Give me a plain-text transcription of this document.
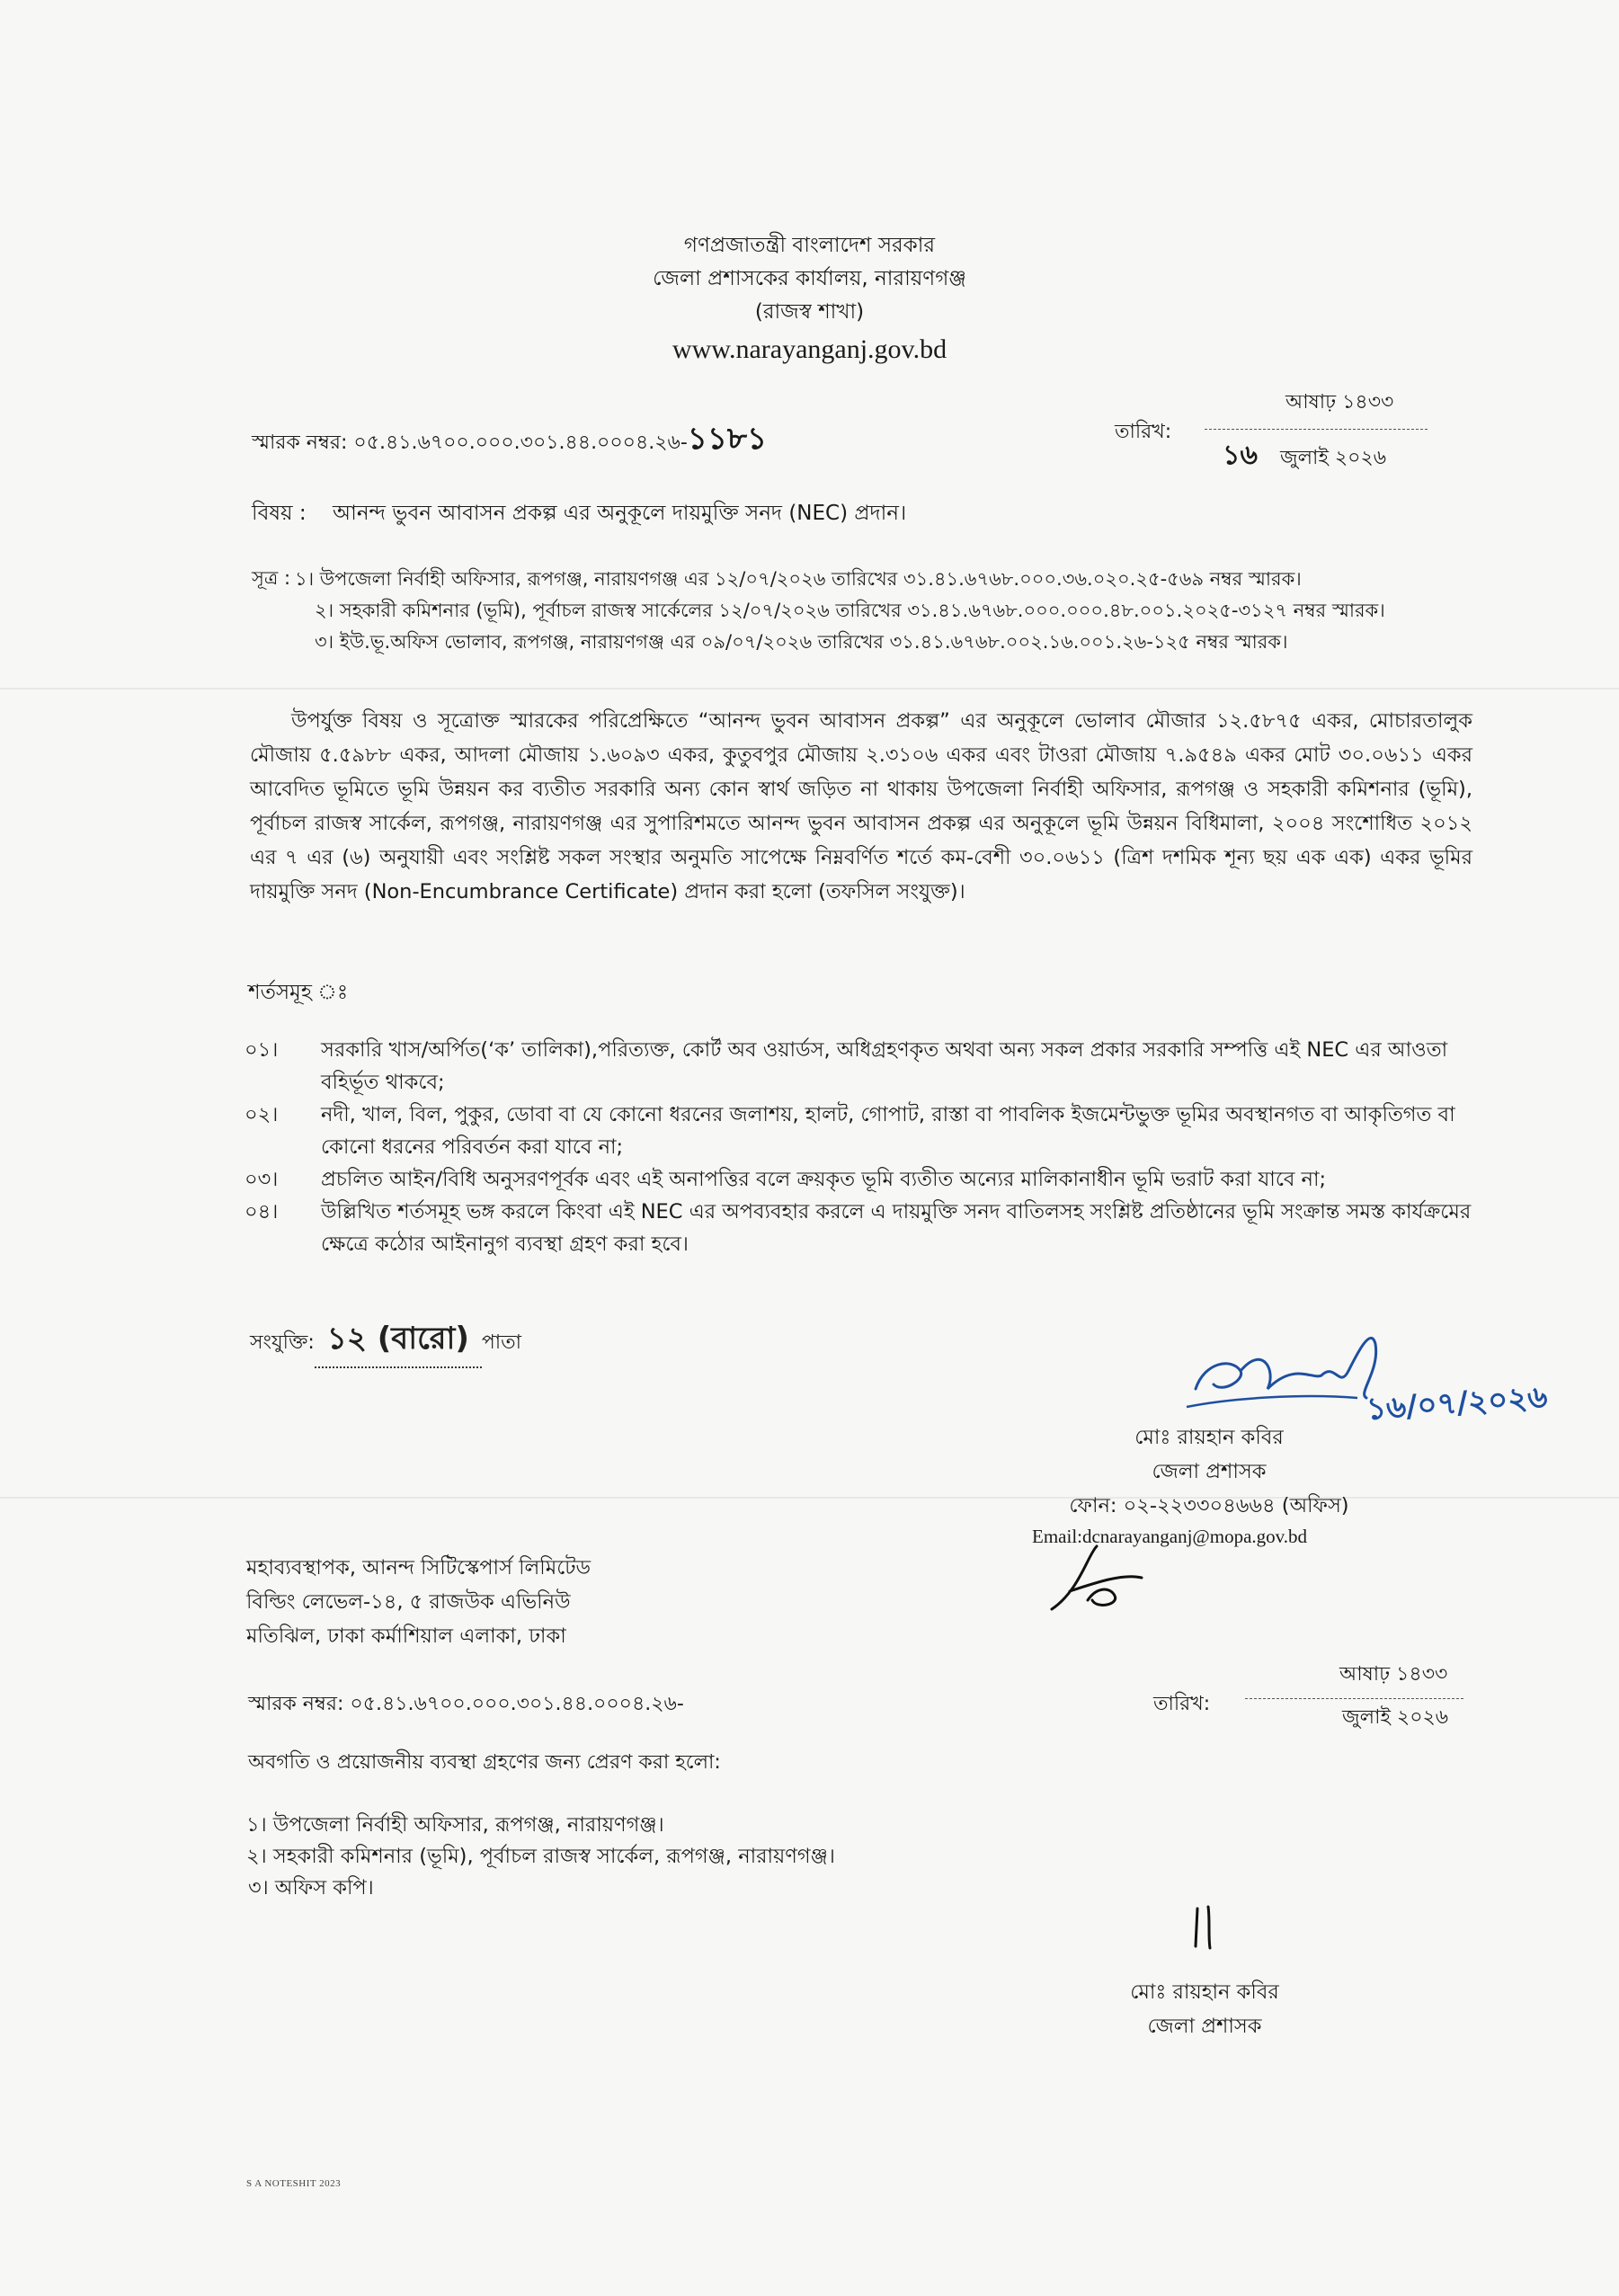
গণপ্রজাতন্ত্রী বাংলাদেশ সরকার
জেলা প্রশাসকের কার্যালয়, নারায়ণগঞ্জ
(রাজস্ব শাখা)
www.narayanganj.gov.bd
স্মারক নম্বর: ০৫.৪১.৬৭০০.০০০.৩০১.৪৪.০০০৪.২৬-১১৮১	তারিখ:
আষাঢ় ১৪৩৩
১৬ জুলাই ২০২৬
বিষয় : আনন্দ ভুবন আবাসন প্রকল্প এর অনুকূলে দায়মুক্তি সনদ (NEC) প্রদান।
সূত্র : ১। উপজেলা নির্বাহী অফিসার, রূপগঞ্জ, নারায়ণগঞ্জ এর ১২/০৭/২০২৬ তারিখের ৩১.৪১.৬৭৬৮.০০০.৩৬.০২০.২৫-৫৬৯ নম্বর স্মারক।
২। সহকারী কমিশনার (ভূমি), পূর্বাচল রাজস্ব সার্কেলের ১২/০৭/২০২৬ তারিখের ৩১.৪১.৬৭৬৮.০০০.০০০.৪৮.০০১.২০২৫-৩১২৭ নম্বর স্মারক।
৩। ইউ.ভূ.অফিস ভোলাব, রূপগঞ্জ, নারায়ণগঞ্জ এর ০৯/০৭/২০২৬ তারিখের ৩১.৪১.৬৭৬৮.০০২.১৬.০০১.২৬-১২৫ নম্বর স্মারক।
উপর্যুক্ত বিষয় ও সূত্রোক্ত স্মারকের পরিপ্রেক্ষিতে “আনন্দ ভুবন আবাসন প্রকল্প” এর অনুকূলে ভোলাব মৌজার ১২.৫৮৭৫ একর, মোচারতালুক মৌজায় ৫.৫৯৮৮ একর, আদলা মৌজায় ১.৬০৯৩ একর, কুতুবপুর মৌজায় ২.৩১০৬ একর এবং টাওরা মৌজায় ৭.৯৫৪৯ একর মোট ৩০.০৬১১ একর আবেদিত ভূমিতে ভূমি উন্নয়ন কর ব্যতীত সরকারি অন্য কোন স্বার্থ জড়িত না থাকায় উপজেলা নির্বাহী অফিসার, রূপগঞ্জ ও সহকারী কমিশনার (ভূমি), পূর্বাচল রাজস্ব সার্কেল, রূপগঞ্জ, নারায়ণগঞ্জ এর সুপারিশমতে আনন্দ ভুবন আবাসন প্রকল্প এর অনুকূলে ভূমি উন্নয়ন বিধিমালা, ২০০৪ সংশোধিত ২০১২ এর ৭ এর (৬) অনুযায়ী এবং সংশ্লিষ্ট সকল সংস্থার অনুমতি সাপেক্ষে নিম্নবর্ণিত শর্তে কম-বেশী ৩০.০৬১১ (ত্রিশ দশমিক শূন্য ছয় এক এক) একর ভূমির দায়মুক্তি সনদ (Non-Encumbrance Certificate) প্রদান করা হলো (তফসিল সংযুক্ত)।
শর্তসমূহ ঃ
০১।	সরকারি খাস/অর্পিত(‘ক’ তালিকা),পরিত্যক্ত, কোর্ট অব ওয়ার্ডস, অধিগ্রহণকৃত অথবা অন্য সকল প্রকার সরকারি সম্পত্তি এই NEC এর আওতা বহির্ভূত থাকবে;
০২।	নদী, খাল, বিল, পুকুর, ডোবা বা যে কোনো ধরনের জলাশয়, হালট, গোপাট, রাস্তা বা পাবলিক ইজমেন্টভুক্ত ভূমির অবস্থানগত বা আকৃতিগত বা কোনো ধরনের পরিবর্তন করা যাবে না;
০৩।	প্রচলিত আইন/বিধি অনুসরণপূর্বক এবং এই অনাপত্তির বলে ক্রয়কৃত ভূমি ব্যতীত অন্যের মালিকানাধীন ভূমি ভরাট করা যাবে না;
০৪।	উল্লিখিত শর্তসমূহ ভঙ্গ করলে কিংবা এই NEC এর অপব্যবহার করলে এ দায়মুক্তি সনদ বাতিলসহ সংশ্লিষ্ট প্রতিষ্ঠানের ভূমি সংক্রান্ত সমস্ত কার্যক্রমের ক্ষেত্রে কঠোর আইনানুগ ব্যবস্থা গ্রহণ করা হবে।
সংযুক্তি: ১২ (বারো) পাতা
১৬/০৭/২০২৬
মোঃ রায়হান কবির
জেলা প্রশাসক
ফোন: ০২-২২৩৩০৪৬৬৪ (অফিস)
Email:dcnarayanganj@mopa.gov.bd
মহাব্যবস্থাপক, আনন্দ সিটিস্কেপার্স লিমিটেড
বিল্ডিং লেভেল-১৪, ৫ রাজউক এভিনিউ
মতিঝিল, ঢাকা কর্মাশিয়াল এলাকা, ঢাকা
স্মারক নম্বর: ০৫.৪১.৬৭০০.০০০.৩০১.৪৪.০০০৪.২৬-	তারিখ:
আষাঢ় ১৪৩৩
জুলাই ২০২৬
অবগতি ও প্রয়োজনীয় ব্যবস্থা গ্রহণের জন্য প্রেরণ করা হলো:
১। উপজেলা নির্বাহী অফিসার, রূপগঞ্জ, নারায়ণগঞ্জ।
২। সহকারী কমিশনার (ভূমি), পূর্বাচল রাজস্ব সার্কেল, রূপগঞ্জ, নারায়ণগঞ্জ।
৩। অফিস কপি।
মোঃ রায়হান কবির
জেলা প্রশাসক
S A NOTESHIT 2023
